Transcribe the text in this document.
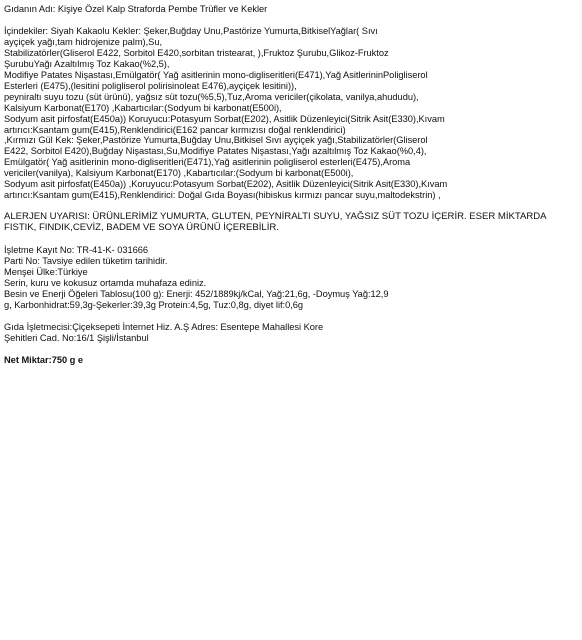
Gıdanın Adı: Kişiye Özel Kalp Straforda Pembe Trüfler ve Kekler
İçindekiler: Siyah Kakaolu Kekler: Şeker,Buğday Unu,Pastörize Yumurta,BitkiselYağlar( Sıvı
ayçiçek yağı,tam hidrojenize palm),Su,
Stabilizatörler(Gliserol E422, Sorbitol E420,sorbitan tristearat, ),Fruktoz Şurubu,Glikoz-Fruktoz
ŞurubuYağı Azaltılmış Toz Kakao(%2,5),
Modifiye Patates Nişastası,Emülgatör( Yağ asitlerinin mono-digliseritleri(E471),Yağ AsitlerininPoligliserol
Esterleri (E475),(lesitini poligliserol polirisinoleat E476),ayçiçek lesitini)),
peyniraltı suyu tozu (süt ürünü), yağsız süt tozu(%5,5),Tuz,Aroma vericiler(çikolata, vanilya,ahududu),
Kalsiyum Karbonat(E170) ,Kabartıcılar:(Sodyum bi karbonat(E500i),
Sodyum asit pirfosfat(E450a)) Koruyucu:Potasyum Sorbat(E202), Asitlik Düzenleyici(Sitrik Asit(E330),Kıvam
artırıcı:Ksantam gum(E415),Renklendirici(E162 pancar kırmızısı doğal renklendirici)
,Kırmızı Gül Kek: Şeker,Pastörize Yumurta,Buğday Unu,Bitkisel Sıvı ayçiçek yağı,Stabilizatörler(Gliserol
E422, Sorbitol E420),Buğday Nişastası,Su,Modifiye Patates Nişastası,Yağı azaltılmış Toz Kakao(%0,4),
Emülgatör( Yağ asitlerinin mono-digliseritleri(E471),Yağ asitlerinin poligliserol esterleri(E475),Aroma
vericiler(vanilya), Kalsiyum Karbonat(E170) ,Kabartıcılar:(Sodyum bi karbonat(E500i),
Sodyum asit pirfosfat(E450a)) ,Koruyucu:Potasyum Sorbat(E202), Asitlik Düzenleyici(Sitrik Asit(E330),Kıvam
artırıcı:Ksantam gum(E415),Renklendirici: Doğal Gıda Boyası(hibiskus kırmızı pancar suyu,maltodekstrin) ,
ALERJEN UYARISI: ÜRÜNLERİMİZ YUMURTA, GLUTEN, PEYNİRALTI SUYU, YAĞSIZ SÜT TOZU İÇERİR. ESER MİKTARDA
FISTIK, FINDIK,CEVİZ, BADEM VE SOYA ÜRÜNÜ İÇEREBİLİR.
İşletme Kayıt No: TR-41-K- 031666
Parti No: Tavsiye edilen tüketim tarihidir.
Menşei Ülke:Türkiye
Serin, kuru ve kokusuz ortamda muhafaza ediniz.
Besin ve Enerji Öğeleri Tablosu(100 g): Enerji: 452/1889kj/kCal, Yağ:21,6g, -Doymuş Yağ:12,9
g, Karbonhidrat:59,3g-Şekerler:39,3g Protein:4,5g, Tuz:0,8g, diyet lif:0,6g
Gıda İşletmecisi:Çiçeksepeti İnternet Hiz. A.Ş Adres: Esentepe Mahallesi Kore
Şehitleri Cad. No:16/1 Şişli/İstanbul
Net Miktar:750 g e
